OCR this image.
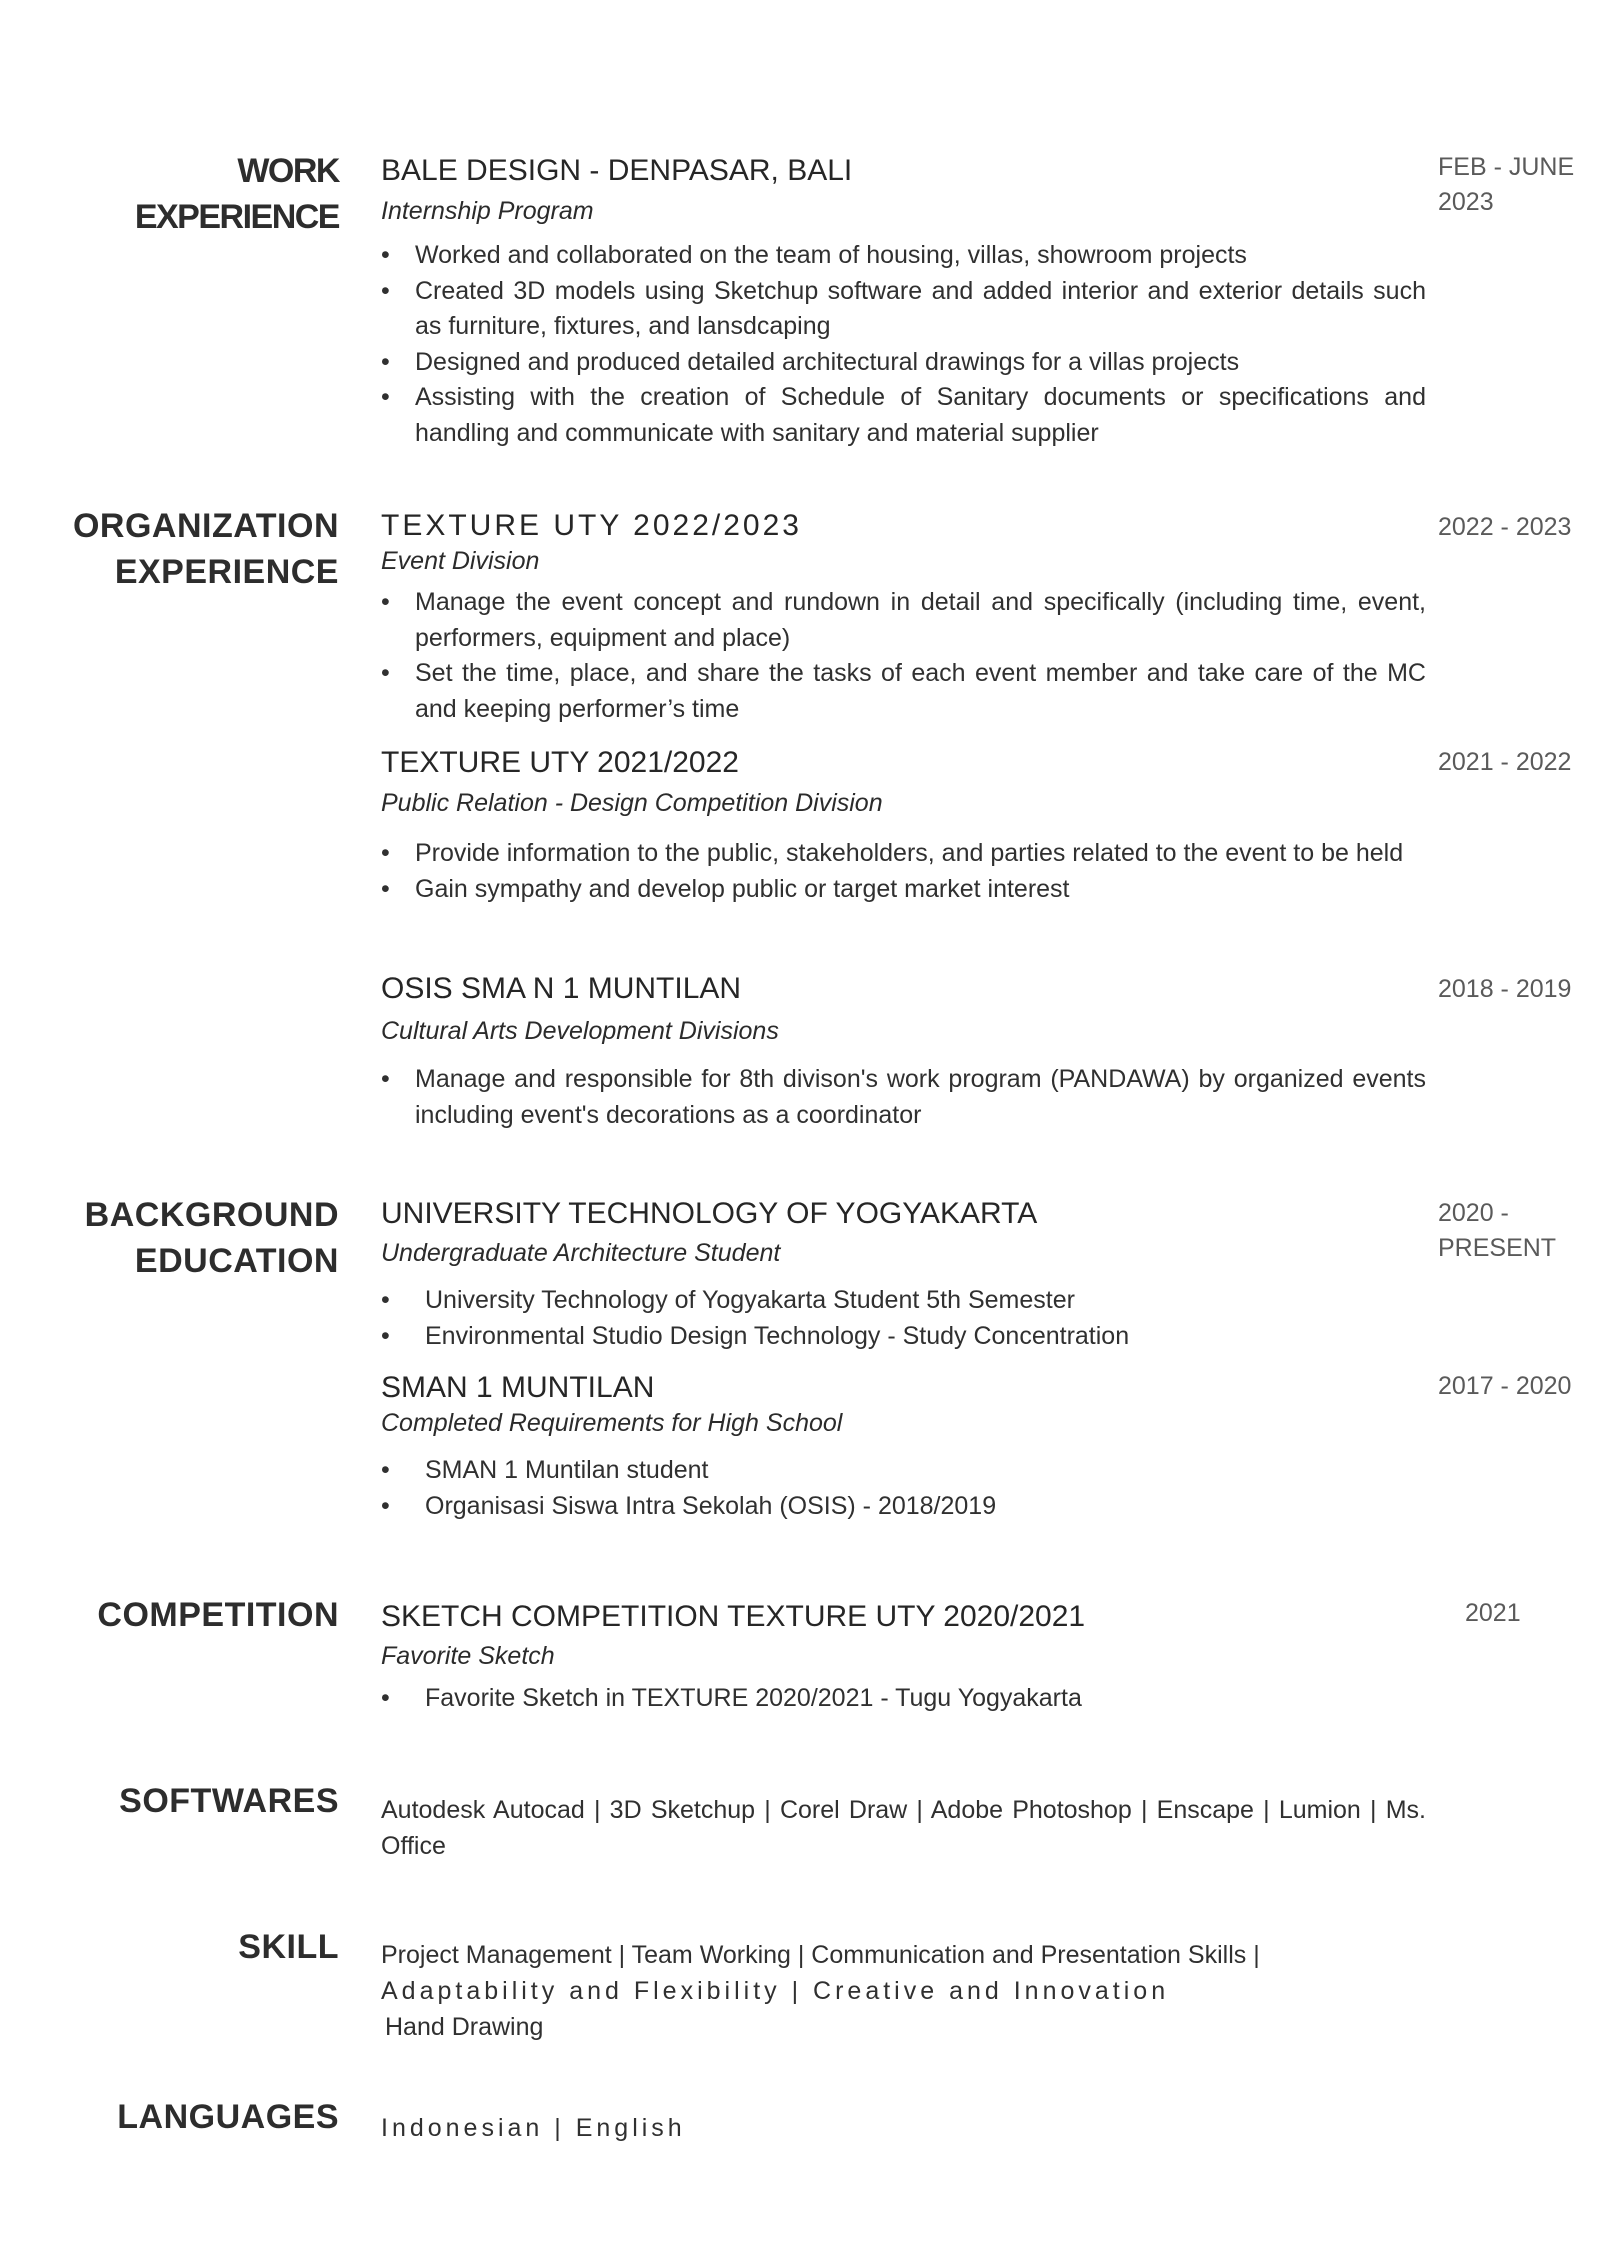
WORK
EXPERIENCE
BALE DESIGN - DENPASAR, BALI
Internship Program
FEB - JUNE
2023
• Worked and collaborated on the team of housing, villas, showroom projects
• Created 3D models using Sketchup software and added interior and exterior details such as furniture, fixtures, and lansdcaping
• Designed and produced detailed architectural drawings for a villas projects
• Assisting with the creation of Schedule of Sanitary documents or specifications and handling and communicate with sanitary and material supplier
ORGANIZATION
EXPERIENCE
TEXTURE UTY 2022/2023
Event Division
2022 - 2023
• Manage the event concept and rundown in detail and specifically (including time, event, performers, equipment and place)
• Set the time, place, and share the tasks of each event member and take care of the MC and keeping performer’s time
TEXTURE UTY 2021/2022
Public Relation - Design Competition Division
2021 - 2022
• Provide information to the public, stakeholders, and parties related to the event to be held
• Gain sympathy and develop public or target market interest
OSIS SMA N 1 MUNTILAN
Cultural Arts Development Divisions
2018 - 2019
• Manage and responsible for 8th divison's work program (PANDAWA) by organized events including event's decorations as a coordinator
BACKGROUND
EDUCATION
UNIVERSITY TECHNOLOGY OF YOGYAKARTA
Undergraduate Architecture Student
2020 -
PRESENT
• University Technology of Yogyakarta Student 5th Semester
• Environmental Studio Design Technology - Study Concentration
SMAN 1 MUNTILAN
Completed Requirements for High School
2017 - 2020
• SMAN 1 Muntilan student
• Organisasi Siswa Intra Sekolah (OSIS) - 2018/2019
COMPETITION SKETCH COMPETITION TEXTURE UTY 2020/2021
Favorite Sketch
2021
• Favorite Sketch in TEXTURE 2020/2021 - Tugu Yogyakarta
SOFTWARES Autodesk Autocad | 3D Sketchup | Corel Draw | Adobe Photoshop | Enscape | Lumion | Ms. Office
SKILL Project Management | Team Working | Communication and Presentation Skills |
Adaptability and Flexibility | Creative and Innovation
Hand Drawing
LANGUAGES Indonesian | English
